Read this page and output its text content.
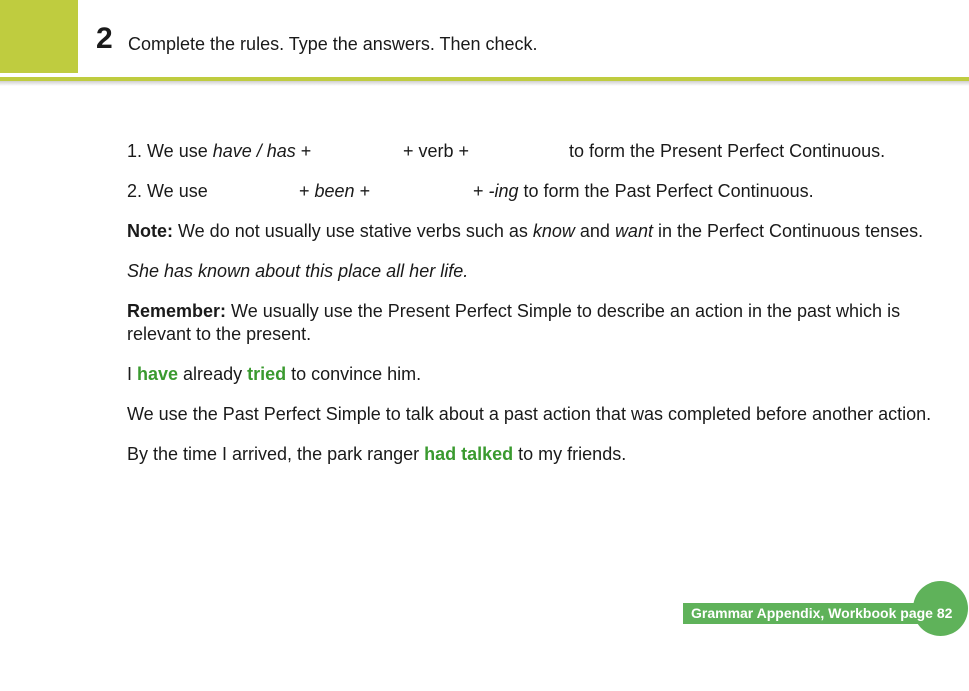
2 Complete the rules. Type the answers. Then check.
1. We use have / has +	+ verb +	to form the Present Perfect Continuous.
2. We use	+ been +	+ -ing to form the Past Perfect Continuous.
Note: We do not usually use stative verbs such as know and want in the Perfect Continuous tenses.
She has known about this place all her life.
Remember: We usually use the Present Perfect Simple to describe an action in the past which is relevant to the present.
I have already tried to convince him.
We use the Past Perfect Simple to talk about a past action that was completed before another action.
By the time I arrived, the park ranger had talked to my friends.
Grammar Appendix, Workbook page 82
